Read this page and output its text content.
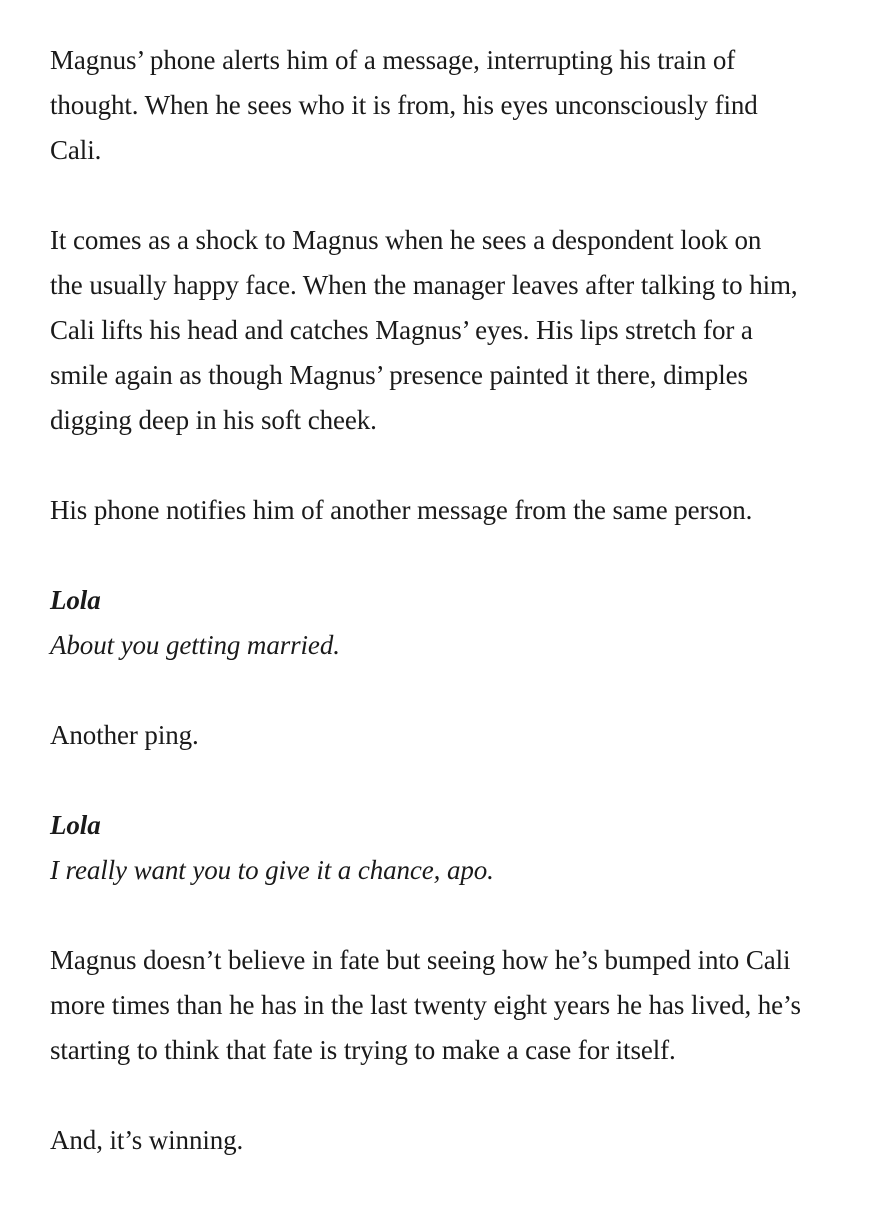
Magnus’ phone alerts him of a message, interrupting his train of
thought. When he sees who it is from, his eyes unconsciously find
Cali.

It comes as a shock to Magnus when he sees a despondent look on
the usually happy face. When the manager leaves after talking to him,
Cali lifts his head and catches Magnus’ eyes. His lips stretch for a
smile again as though Magnus’ presence painted it there, dimples
digging deep in his soft cheek.

His phone notifies him of another message from the same person.

Lola
About you getting married.

Another ping.

Lola
I really want you to give it a chance, apo.

Magnus doesn’t believe in fate but seeing how he’s bumped into Cali
more times than he has in the last twenty eight years he has lived, he’s
starting to think that fate is trying to make a case for itself.

And, it’s winning.
